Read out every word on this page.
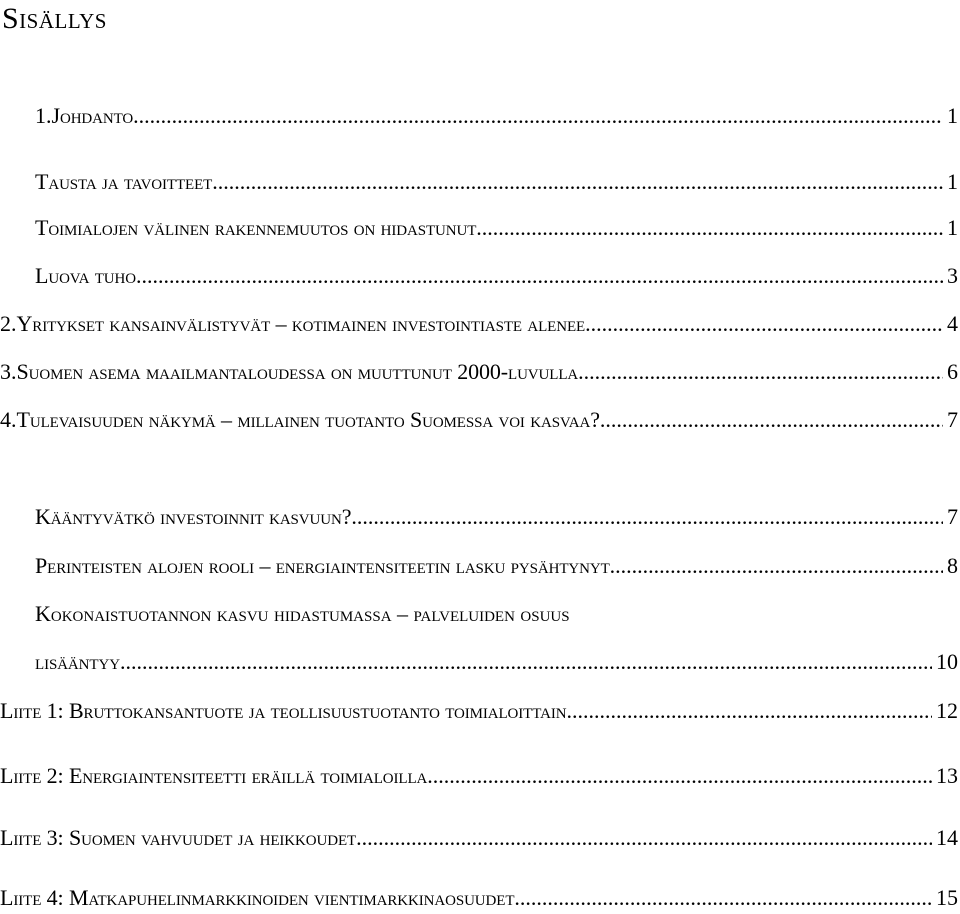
Sisällys
1. Johdanto .....	1
Tausta ja tavoitteet .....	1
Toimialojen välinen rakennemuutos on hidastunut .....	1
Luova tuho .....	3
2. Yritykset kansainvälistyvät – kotimainen investointiaste alenee .....	4
3. Suomen asema maailmantaloudessa on muuttunut 2000-luvulla .....	6
4. Tulevaisuuden näkymä – millainen tuotanto Suomessa voi kasvaa? .....	7
Kääntyvätkö investoinnit kasvuun? .....	7
Perinteisten alojen rooli – energiaintensiteetin lasku pysähtynyt .....	8
Kokonaistuotannon kasvu hidastumassa – palveluiden osuus
lisääntyy .....	10
Liite 1: Bruttokansantuote ja teollisuustuotanto toimialoittain .....	12
Liite 2: Energiaintensiteetti eräillä toimialoilla .....	13
Liite 3: Suomen vahvuudet ja heikkoudet .....	14
Liite 4: Matkapuhelinmarkkinoiden vientimarkkinaosuudet .....	15
